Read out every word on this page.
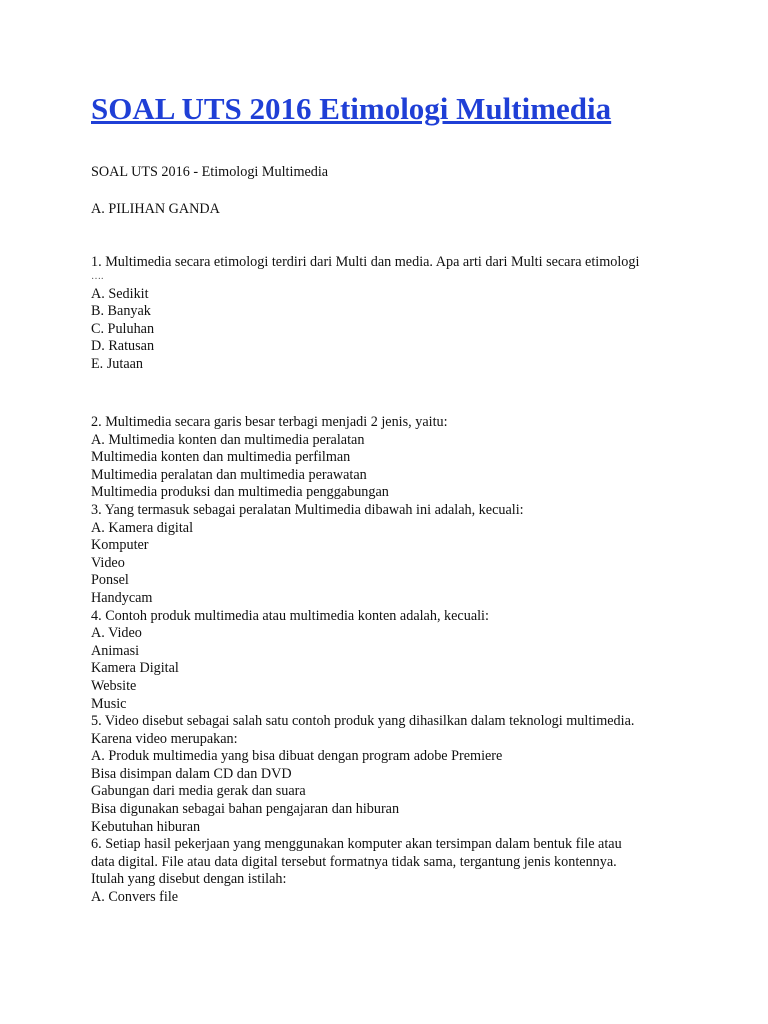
SOAL UTS 2016 Etimologi Multimedia
SOAL UTS 2016 - Etimologi Multimedia
A. PILIHAN GANDA
1. Multimedia secara etimologi terdiri dari Multi dan media. Apa arti dari Multi secara etimologi
….
A. Sedikit
B. Banyak
C. Puluhan
D. Ratusan
E. Jutaan
2. Multimedia secara garis besar terbagi menjadi 2 jenis, yaitu:
A. Multimedia konten dan multimedia peralatan
Multimedia konten dan multimedia perfilman
Multimedia peralatan dan multimedia perawatan
Multimedia produksi dan multimedia penggabungan
3. Yang termasuk sebagai peralatan Multimedia dibawah ini adalah, kecuali:
A. Kamera digital
Komputer
Video
Ponsel
Handycam
4. Contoh produk multimedia atau multimedia konten adalah, kecuali:
A. Video
Animasi
Kamera Digital
Website
Music
5. Video disebut sebagai salah satu contoh produk yang dihasilkan dalam teknologi multimedia.
Karena video merupakan:
A. Produk multimedia yang bisa dibuat dengan program adobe Premiere
Bisa disimpan dalam CD dan DVD
Gabungan dari media gerak dan suara
Bisa digunakan sebagai bahan pengajaran dan hiburan
Kebutuhan hiburan
6. Setiap hasil pekerjaan yang menggunakan komputer akan tersimpan dalam bentuk file atau
data digital. File atau data digital tersebut formatnya tidak sama, tergantung jenis kontennya.
Itulah yang disebut dengan istilah:
A. Convers file
